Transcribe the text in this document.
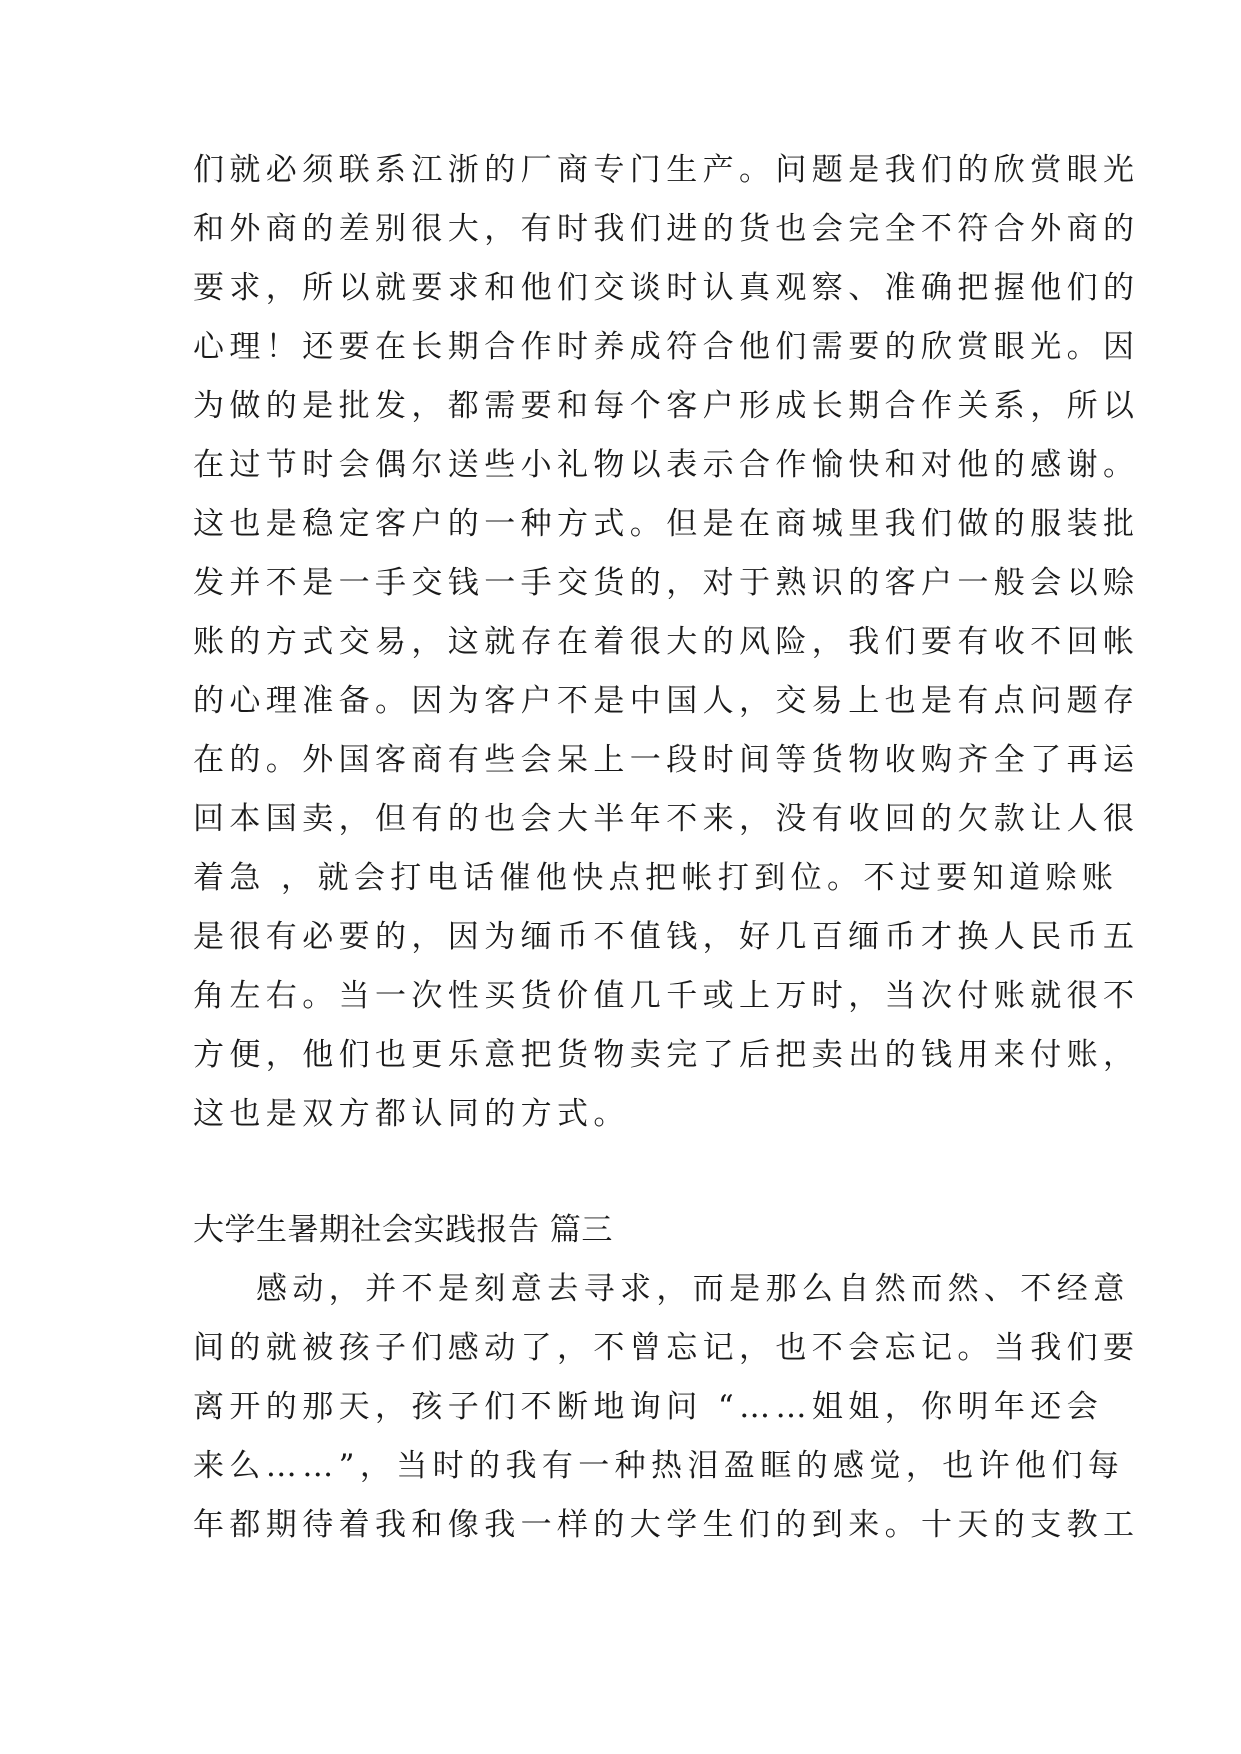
们就必须联系江浙的厂商专门生产。问题是我们的欣赏眼光
和外商的差别很大，有时我们进的货也会完全不符合外商的
要求，所以就要求和他们交谈时认真观察、准确把握他们的
心理！还要在长期合作时养成符合他们需要的欣赏眼光。因
为做的是批发，都需要和每个客户形成长期合作关系，所以
在过节时会偶尔送些小礼物以表示合作愉快和对他的感谢。
这也是稳定客户的一种方式。但是在商城里我们做的服装批
发并不是一手交钱一手交货的，对于熟识的客户一般会以赊
账的方式交易，这就存在着很大的风险，我们要有收不回帐
的心理准备。因为客户不是中国人，交易上也是有点问题存
在的。外国客商有些会呆上一段时间等货物收购齐全了再运
回本国卖，但有的也会大半年不来，没有收回的欠款让人很
着急 ，就会打电话催他快点把帐打到位。不过要知道赊账
是很有必要的，因为缅币不值钱，好几百缅币才换人民币五
角左右。当一次性买货价值几千或上万时，当次付账就很不
方便，他们也更乐意把货物卖完了后把卖出的钱用来付账，
这也是双方都认同的方式。
大学生暑期社会实践报告 篇三
感动，并不是刻意去寻求，而是那么自然而然、不经意
间的就被孩子们感动了，不曾忘记，也不会忘记。当我们要
离开的那天，孩子们不断地询问 “……姐姐，你明年还会
来么……”，当时的我有一种热泪盈眶的感觉，也许他们每
年都期待着我和像我一样的大学生们的到来。十天的支教工
